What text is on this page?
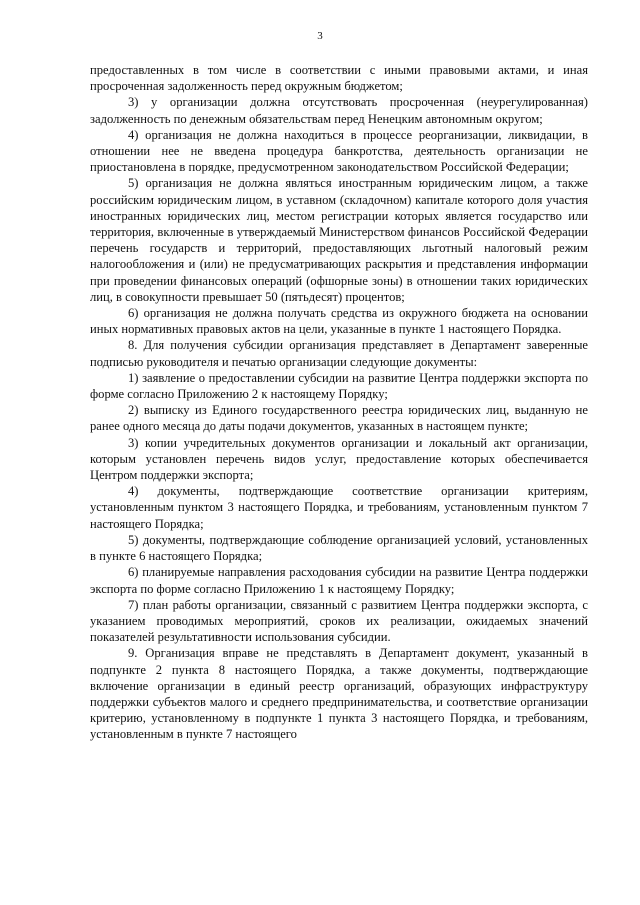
3

предоставленных в том числе в соответствии с иными правовыми актами, и иная просроченная задолженность перед окружным бюджетом;

3) у организации должна отсутствовать просроченная (неурегулированная) задолженность по денежным обязательствам перед Ненецким автономным округом;

4) организация не должна находиться в процессе реорганизации, ликвидации, в отношении нее не введена процедура банкротства, деятельность организации не приостановлена в порядке, предусмотренном законодательством Российской Федерации;

5) организация не должна являться иностранным юридическим лицом, а также российским юридическим лицом, в уставном (складочном) капитале которого доля участия иностранных юридических лиц, местом регистрации которых является государство или территория, включенные в утверждаемый Министерством финансов Российской Федерации перечень государств и территорий, предоставляющих льготный налоговый режим налогообложения и (или) не предусматривающих раскрытия и представления информации при проведении финансовых операций (офшорные зоны) в отношении таких юридических лиц, в совокупности превышает 50 (пятьдесят) процентов;

6) организация не должна получать средства из окружного бюджета на основании иных нормативных правовых актов на цели, указанные в пункте 1 настоящего Порядка.

8. Для получения субсидии организация представляет в Департамент заверенные подписью руководителя и печатью организации следующие документы:

1) заявление о предоставлении субсидии на развитие Центра поддержки экспорта по форме согласно Приложению 2 к настоящему Порядку;

2) выписку из Единого государственного реестра юридических лиц, выданную не ранее одного месяца до даты подачи документов, указанных в настоящем пункте;

3) копии учредительных документов организации и локальный акт организации, которым установлен перечень видов услуг, предоставление которых обеспечивается Центром поддержки экспорта;

4) документы, подтверждающие соответствие организации критериям, установленным пунктом 3 настоящего Порядка, и требованиям, установленным пунктом 7 настоящего Порядка;

5) документы, подтверждающие соблюдение организацией условий, установленных в пункте 6 настоящего Порядка;

6) планируемые направления расходования субсидии на развитие Центра поддержки экспорта по форме согласно Приложению 1 к настоящему Порядку;

7) план работы организации, связанный с развитием Центра поддержки экспорта, с указанием проводимых мероприятий, сроков их реализации, ожидаемых значений показателей результативности использования субсидии.

9. Организация вправе не представлять в Департамент документ, указанный в подпункте 2 пункта 8 настоящего Порядка, а также документы, подтверждающие включение организации в единый реестр организаций, образующих инфраструктуру поддержки субъектов малого и среднего предпринимательства, и соответствие организации критерию, установленному в подпункте 1 пункта 3 настоящего Порядка, и требованиям, установленным в пункте 7 настоящего
